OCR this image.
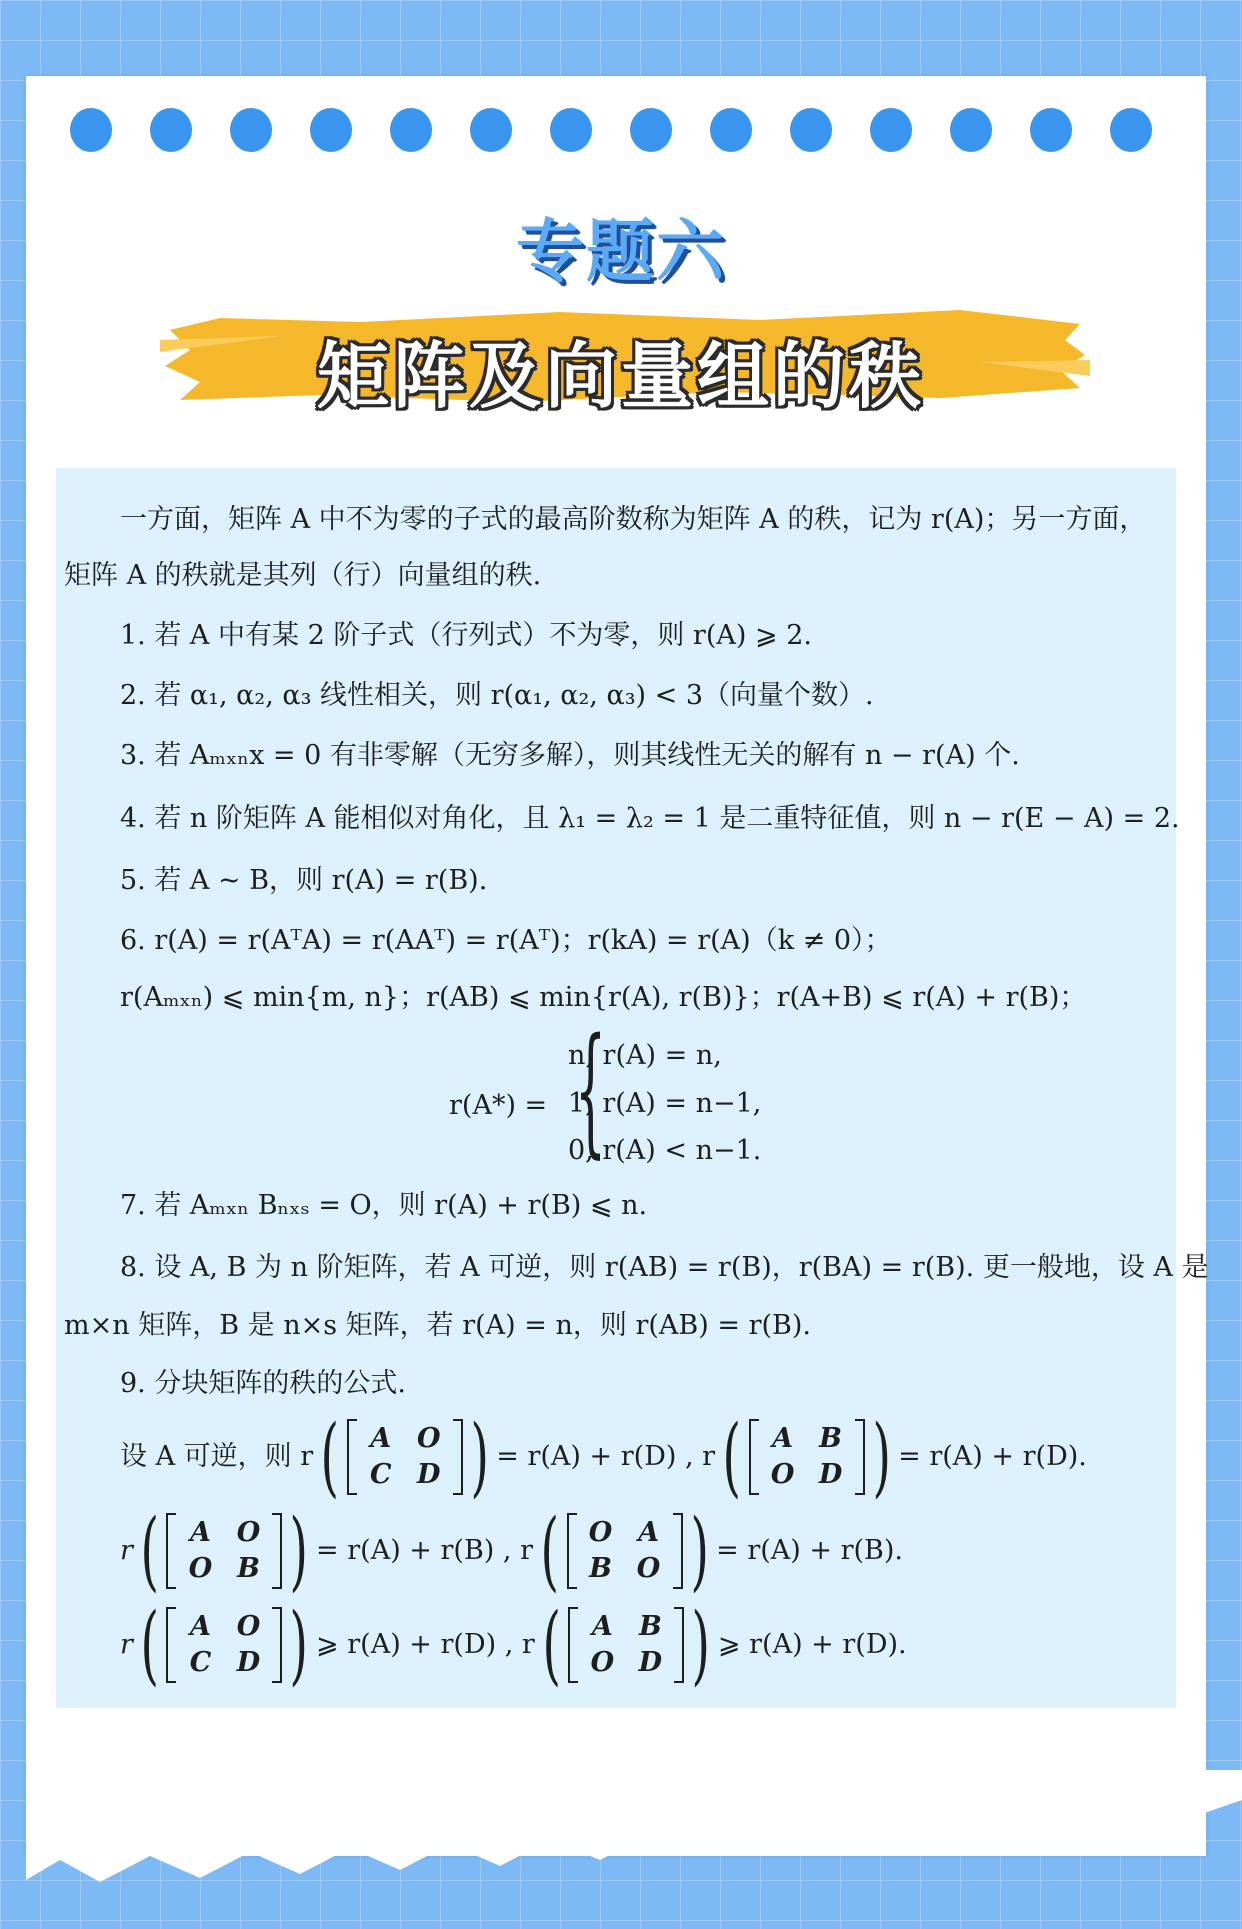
专题六
矩阵及向量组的秩
一方面，矩阵 A 中不为零的子式的最高阶数称为矩阵 A 的秩，记为 r(A)；另一方面，
矩阵 A 的秩就是其列（行）向量组的秩.
1. 若 A 中有某 2 阶子式（行列式）不为零，则 r(A) ⩾ 2.
2. 若 α₁, α₂, α₃ 线性相关，则 r(α₁, α₂, α₃) < 3（向量个数）.
3. 若 Aₘₓₙx = 0 有非零解（无穷多解），则其线性无关的解有 n − r(A) 个.
4. 若 n 阶矩阵 A 能相似对角化，且 λ₁ = λ₂ = 1 是二重特征值，则 n − r(E − A) = 2.
5. 若 A ~ B，则 r(A) = r(B).
6. r(A) = r(AᵀA) = r(AAᵀ) = r(Aᵀ)；r(kA) = r(A)（k ≠ 0）；
r(Aₘₓₙ) ⩽ min{m, n}；r(AB) ⩽ min{r(A), r(B)}；r(A+B) ⩽ r(A) + r(B)；
r(A*) = {
n, r(A) = n,
1, r(A) = n−1,
0, r(A) < n−1.
7. 若 Aₘₓₙ Bₙₓₛ = O，则 r(A) + r(B) ⩽ n.
8. 设 A, B 为 n 阶矩阵，若 A 可逆，则 r(AB) = r(B)，r(BA) = r(B). 更一般地，设 A 是
m×n 矩阵，B 是 n×s 矩阵，若 r(A) = n，则 r(AB) = r(B).
9. 分块矩阵的秩的公式.
设 A 可逆，则 r (	A O
C D ) = r(A) + r(D) , r (	A B
O D ) = r(A) + r(D).
r (	A O
O B ) = r(A) + r(B) , r (	O A
B O ) = r(A) + r(B).
r (	A O
C D ) ⩾ r(A) + r(D) , r (	A B
O D ) ⩾ r(A) + r(D).
